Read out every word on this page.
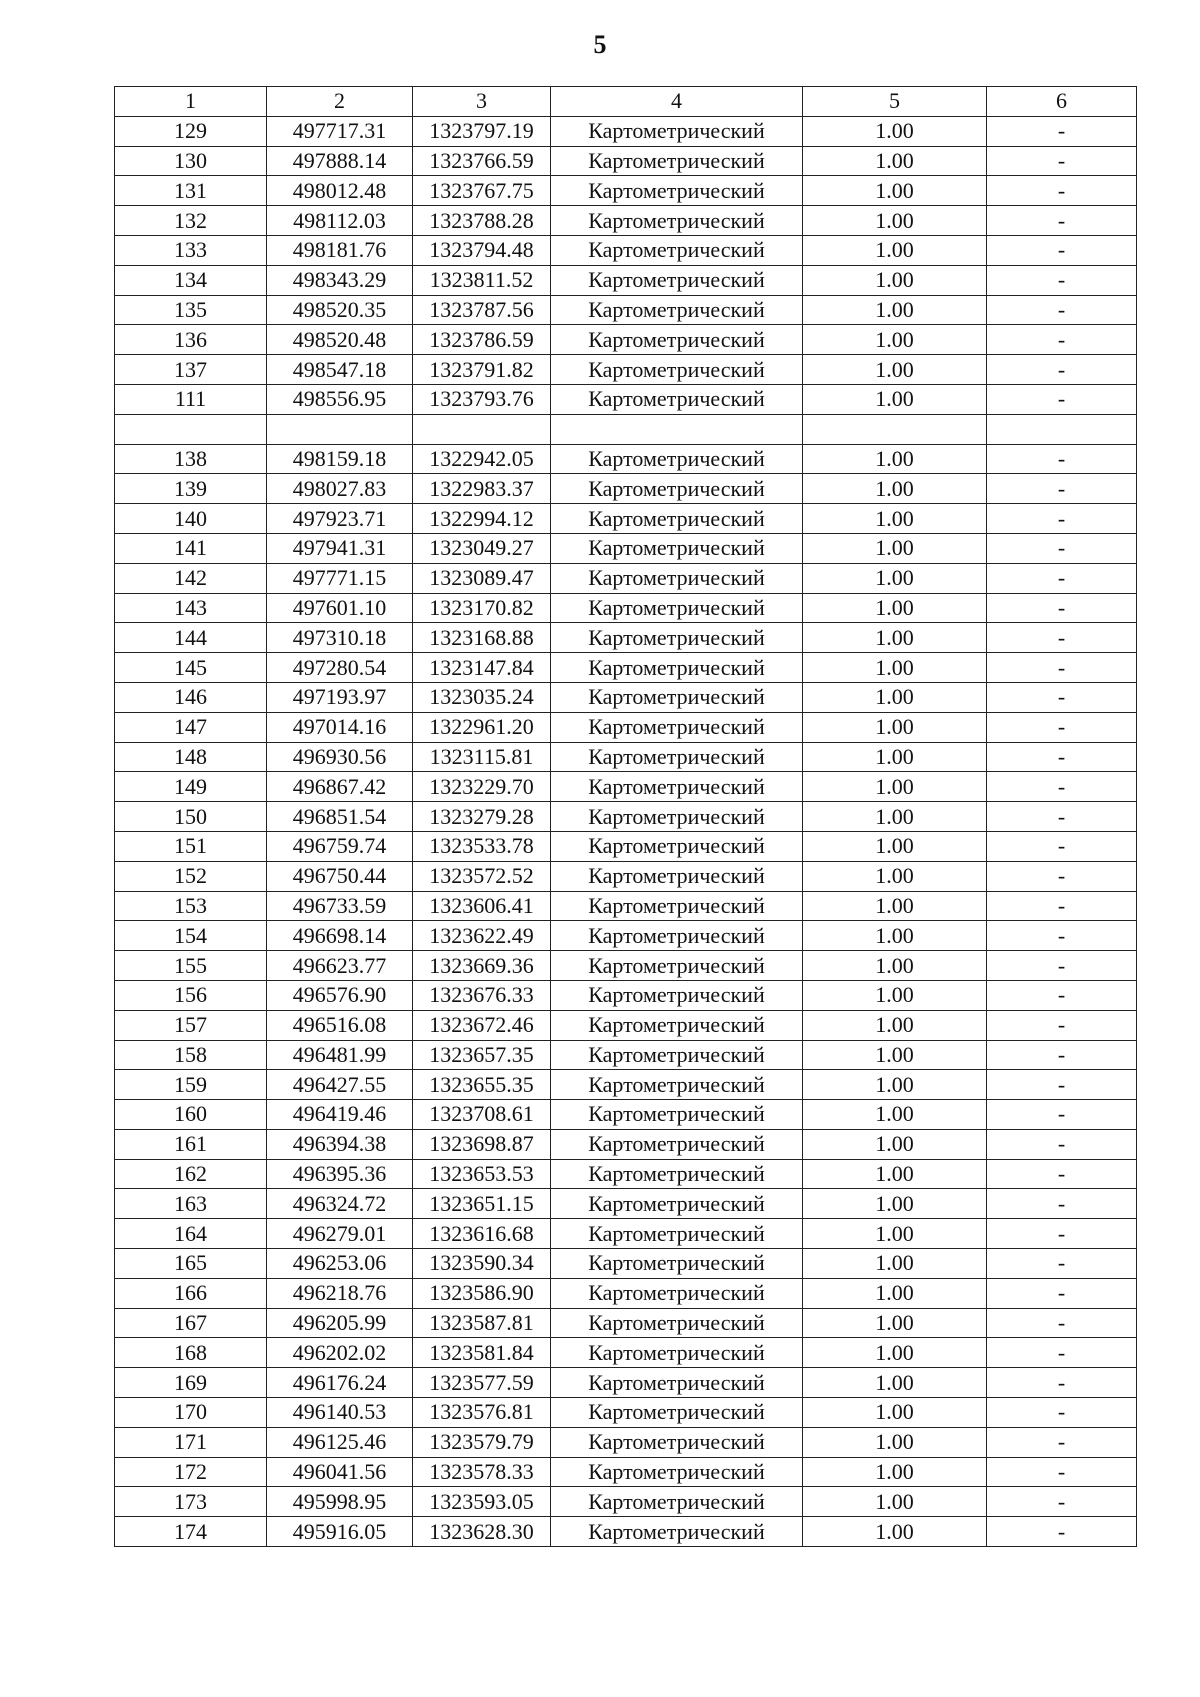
5
1	2	3	4	5	6
129	497717.31	1323797.19	Картометрический	1.00	-
130	497888.14	1323766.59	Картометрический	1.00	-
131	498012.48	1323767.75	Картометрический	1.00	-
132	498112.03	1323788.28	Картометрический	1.00	-
133	498181.76	1323794.48	Картометрический	1.00	-
134	498343.29	1323811.52	Картометрический	1.00	-
135	498520.35	1323787.56	Картометрический	1.00	-
136	498520.48	1323786.59	Картометрический	1.00	-
137	498547.18	1323791.82	Картометрический	1.00	-
111	498556.95	1323793.76	Картометрический	1.00	-

138	498159.18	1322942.05	Картометрический	1.00	-
139	498027.83	1322983.37	Картометрический	1.00	-
140	497923.71	1322994.12	Картометрический	1.00	-
141	497941.31	1323049.27	Картометрический	1.00	-
142	497771.15	1323089.47	Картометрический	1.00	-
143	497601.10	1323170.82	Картометрический	1.00	-
144	497310.18	1323168.88	Картометрический	1.00	-
145	497280.54	1323147.84	Картометрический	1.00	-
146	497193.97	1323035.24	Картометрический	1.00	-
147	497014.16	1322961.20	Картометрический	1.00	-
148	496930.56	1323115.81	Картометрический	1.00	-
149	496867.42	1323229.70	Картометрический	1.00	-
150	496851.54	1323279.28	Картометрический	1.00	-
151	496759.74	1323533.78	Картометрический	1.00	-
152	496750.44	1323572.52	Картометрический	1.00	-
153	496733.59	1323606.41	Картометрический	1.00	-
154	496698.14	1323622.49	Картометрический	1.00	-
155	496623.77	1323669.36	Картометрический	1.00	-
156	496576.90	1323676.33	Картометрический	1.00	-
157	496516.08	1323672.46	Картометрический	1.00	-
158	496481.99	1323657.35	Картометрический	1.00	-
159	496427.55	1323655.35	Картометрический	1.00	-
160	496419.46	1323708.61	Картометрический	1.00	-
161	496394.38	1323698.87	Картометрический	1.00	-
162	496395.36	1323653.53	Картометрический	1.00	-
163	496324.72	1323651.15	Картометрический	1.00	-
164	496279.01	1323616.68	Картометрический	1.00	-
165	496253.06	1323590.34	Картометрический	1.00	-
166	496218.76	1323586.90	Картометрический	1.00	-
167	496205.99	1323587.81	Картометрический	1.00	-
168	496202.02	1323581.84	Картометрический	1.00	-
169	496176.24	1323577.59	Картометрический	1.00	-
170	496140.53	1323576.81	Картометрический	1.00	-
171	496125.46	1323579.79	Картометрический	1.00	-
172	496041.56	1323578.33	Картометрический	1.00	-
173	495998.95	1323593.05	Картометрический	1.00	-
174	495916.05	1323628.30	Картометрический	1.00	-
